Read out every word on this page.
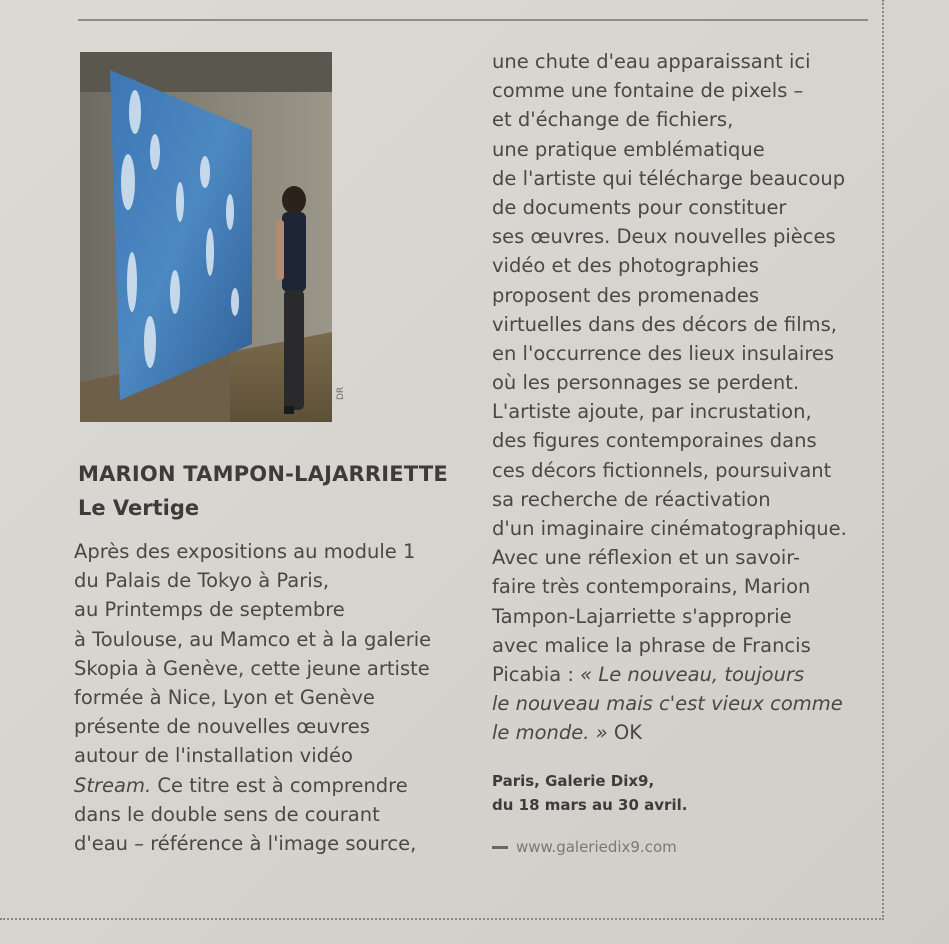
DR
MARION TAMPON-LAJARRIETTE
Le Vertige
Après des expositions au module 1
du Palais de Tokyo à Paris,
au Printemps de septembre
à Toulouse, au Mamco et à la galerie
Skopia à Genève, cette jeune artiste
formée à Nice, Lyon et Genève
présente de nouvelles œuvres
autour de l'installation vidéo
Stream. Ce titre est à comprendre
dans le double sens de courant
d'eau – référence à l'image source,
une chute d'eau apparaissant ici
comme une fontaine de pixels –
et d'échange de fichiers,
une pratique emblématique
de l'artiste qui télécharge beaucoup
de documents pour constituer
ses œuvres. Deux nouvelles pièces
vidéo et des photographies
proposent des promenades
virtuelles dans des décors de films,
en l'occurrence des lieux insulaires
où les personnages se perdent.
L'artiste ajoute, par incrustation,
des figures contemporaines dans
ces décors fictionnels, poursuivant
sa recherche de réactivation
d'un imaginaire cinématographique.
Avec une réflexion et un savoir-
faire très contemporains, Marion
Tampon-Lajarriette s'approprie
avec malice la phrase de Francis
Picabia : « Le nouveau, toujours
le nouveau mais c'est vieux comme
le monde. » OK
Paris, Galerie Dix9,
du 18 mars au 30 avril.
www.galeriedix9.com
